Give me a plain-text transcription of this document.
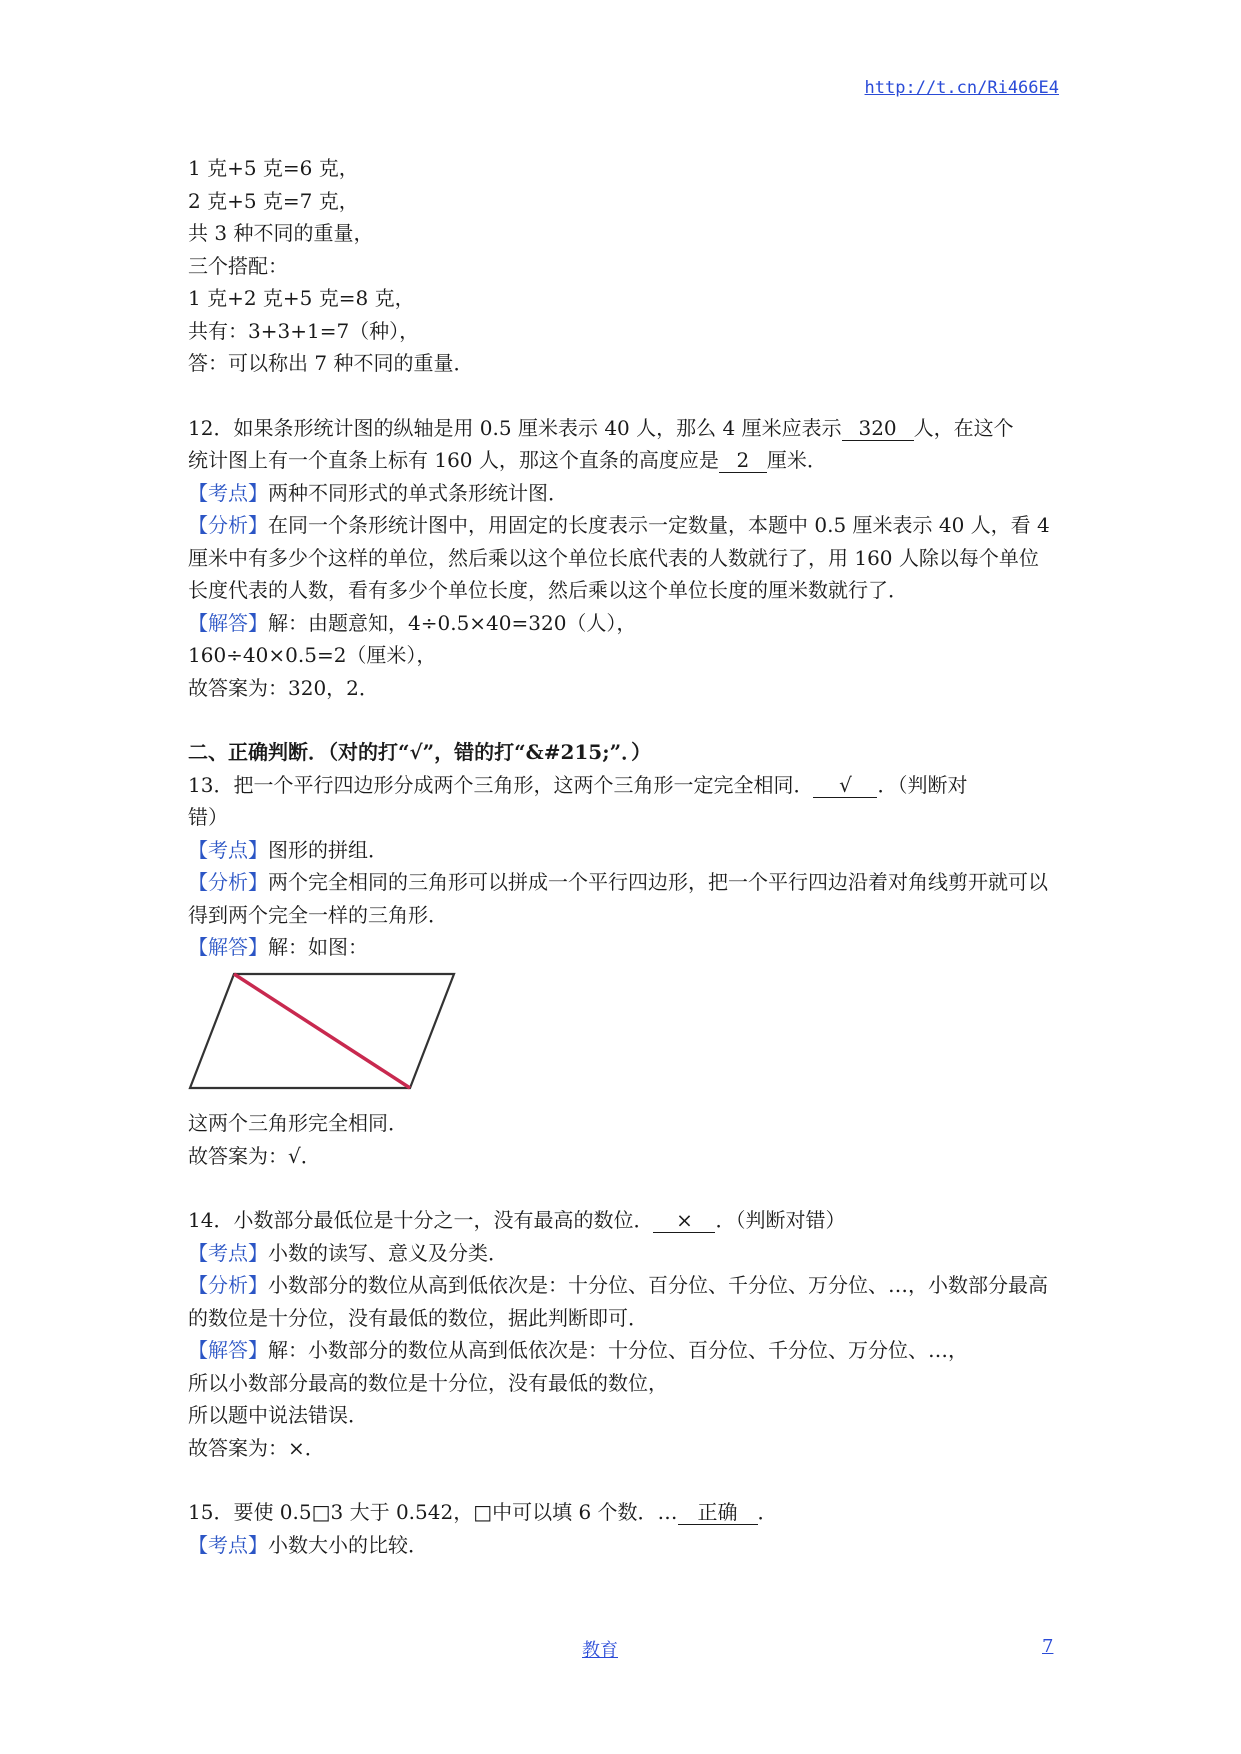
http://t.cn/Ri466E4
1 克+5 克=6 克，
2 克+5 克=7 克，
共 3 种不同的重量，
三个搭配：
1 克+2 克+5 克=8 克，
共有：3+3+1=7（种），
答：可以称出 7 种不同的重量．
12．如果条形统计图的纵轴是用 0.5 厘米表示 40 人，那么 4 厘米应表示 320 人，在这个
统计图上有一个直条上标有 160 人，那这个直条的高度应是 2 厘米．
【考点】两种不同形式的单式条形统计图．
【分析】在同一个条形统计图中，用固定的长度表示一定数量，本题中 0.5 厘米表示 40 人，看 4 厘米中有多少个这样的单位，然后乘以这个单位长底代表的人数就行了，用 160 人除以每个单位长度代表的人数，看有多少个单位长度，然后乘以这个单位长度的厘米数就行了．
【解答】解：由题意知，4÷0.5×40=320（人），
160÷40×0.5=2（厘米），
故答案为：320，2．
二、正确判断．（对的打“√”，错的打“&#215;”．）
13．把一个平行四边形分成两个三角形，这两个三角形一定完全相同． √ ．（判断对
错）
【考点】图形的拼组．
【分析】两个完全相同的三角形可以拼成一个平行四边形，把一个平行四边沿着对角线剪开就可以得到两个完全一样的三角形．
【解答】解：如图：
这两个三角形完全相同．
故答案为：√．
14．小数部分最低位是十分之一，没有最高的数位． × ．（判断对错）
【考点】小数的读写、意义及分类．
【分析】小数部分的数位从高到低依次是：十分位、百分位、千分位、万分位、…，小数部分最高的数位是十分位，没有最低的数位，据此判断即可．
【解答】解：小数部分的数位从高到低依次是：十分位、百分位、千分位、万分位、…，
所以小数部分最高的数位是十分位，没有最低的数位，
所以题中说法错误．
故答案为：×．
15．要使 0.5□3 大于 0.542，□中可以填 6 个数．… 正确 ．
【考点】小数大小的比较．
教育	7
